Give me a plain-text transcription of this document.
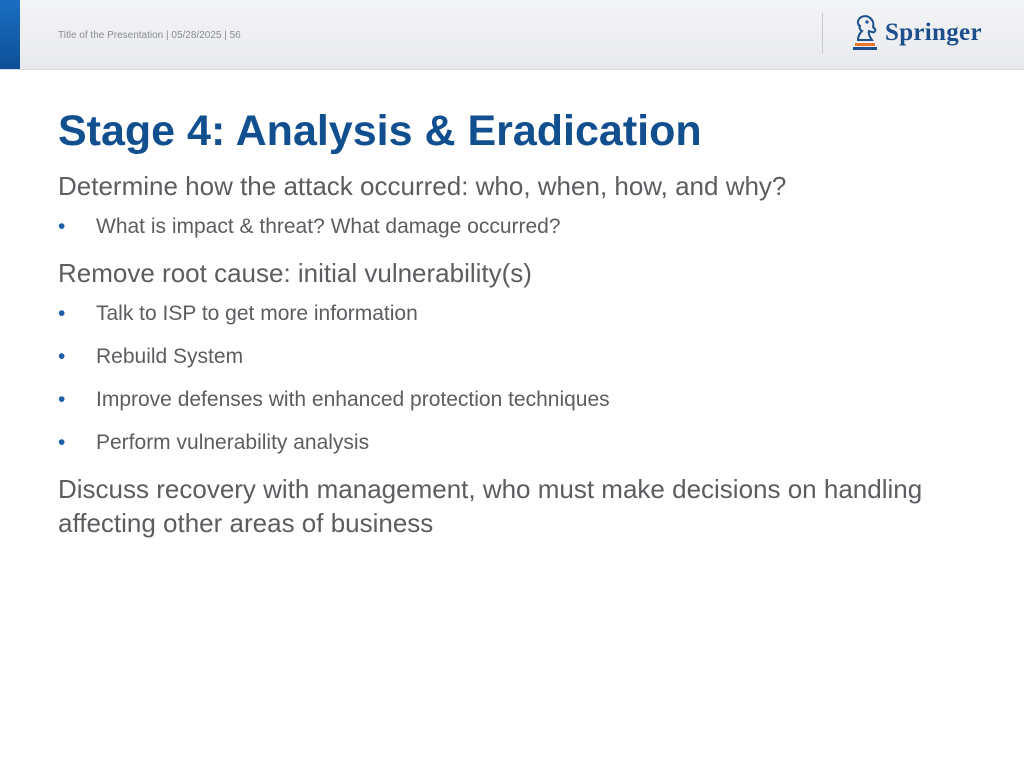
Title of the Presentation | 05/28/2025 | 56	Springer
Stage 4: Analysis & Eradication

Determine how the attack occurred: who, when, how, and why?

• What is impact & threat? What damage occurred?

Remove root cause: initial vulnerability(s)

• Talk to ISP to get more information
• Rebuild System
• Improve defenses with enhanced protection techniques
• Perform vulnerability analysis

Discuss recovery with management, who must make decisions on handling affecting other areas of business
